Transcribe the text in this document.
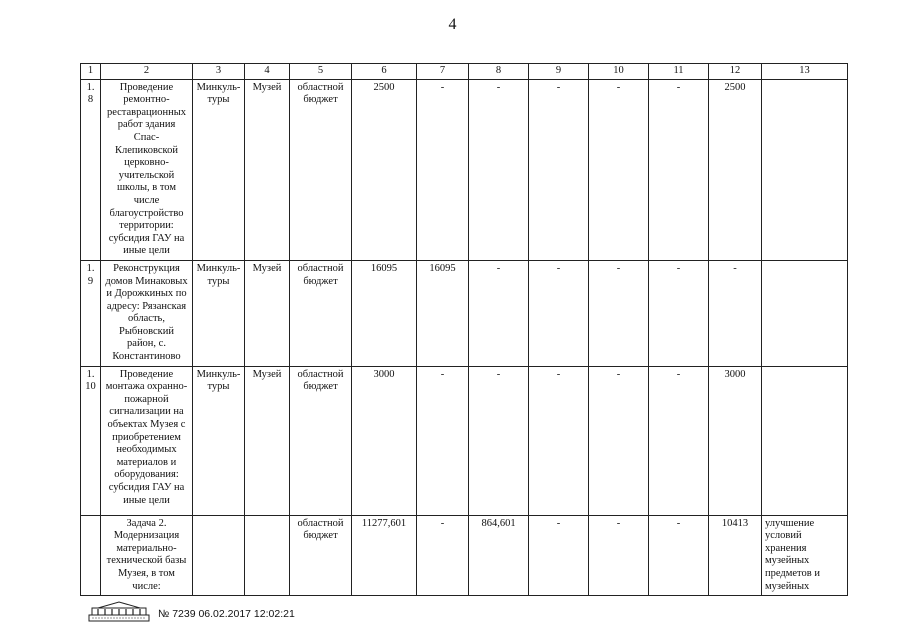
4
1	2	3	4	5	6	7	8	9	10	11	12	13
1.8	Проведение ремонтно-реставрационных работ здания Спас-Клепиковской церковно-учительской школы, в том числе благоустройство территории: субсидия ГАУ на иные цели	Минкуль-туры	Музей	областной бюджет	2500	-	-	-	-	-	2500	
1.9	Реконструкция домов Минаковых и Дорожкиных по адресу: Рязанская область, Рыбновский район, с. Константиново	Минкуль-туры	Музей	областной бюджет	16095	16095	-	-	-	-	-	
1.10	Проведение монтажа охранно-пожарной сигнализации на объектах Музея с приобретением необходимых материалов и оборудования: субсидия ГАУ на иные цели	Минкуль-туры	Музей	областной бюджет	3000	-	-	-	-	-	3000	
	Задача 2. Модернизация материально-технической базы Музея, в том числе:			областной бюджет	11277,601	-	864,601	-	-	-	10413	улучшение условий хранения музейных предметов и музейных
№ 7239 06.02.2017 12:02:21
